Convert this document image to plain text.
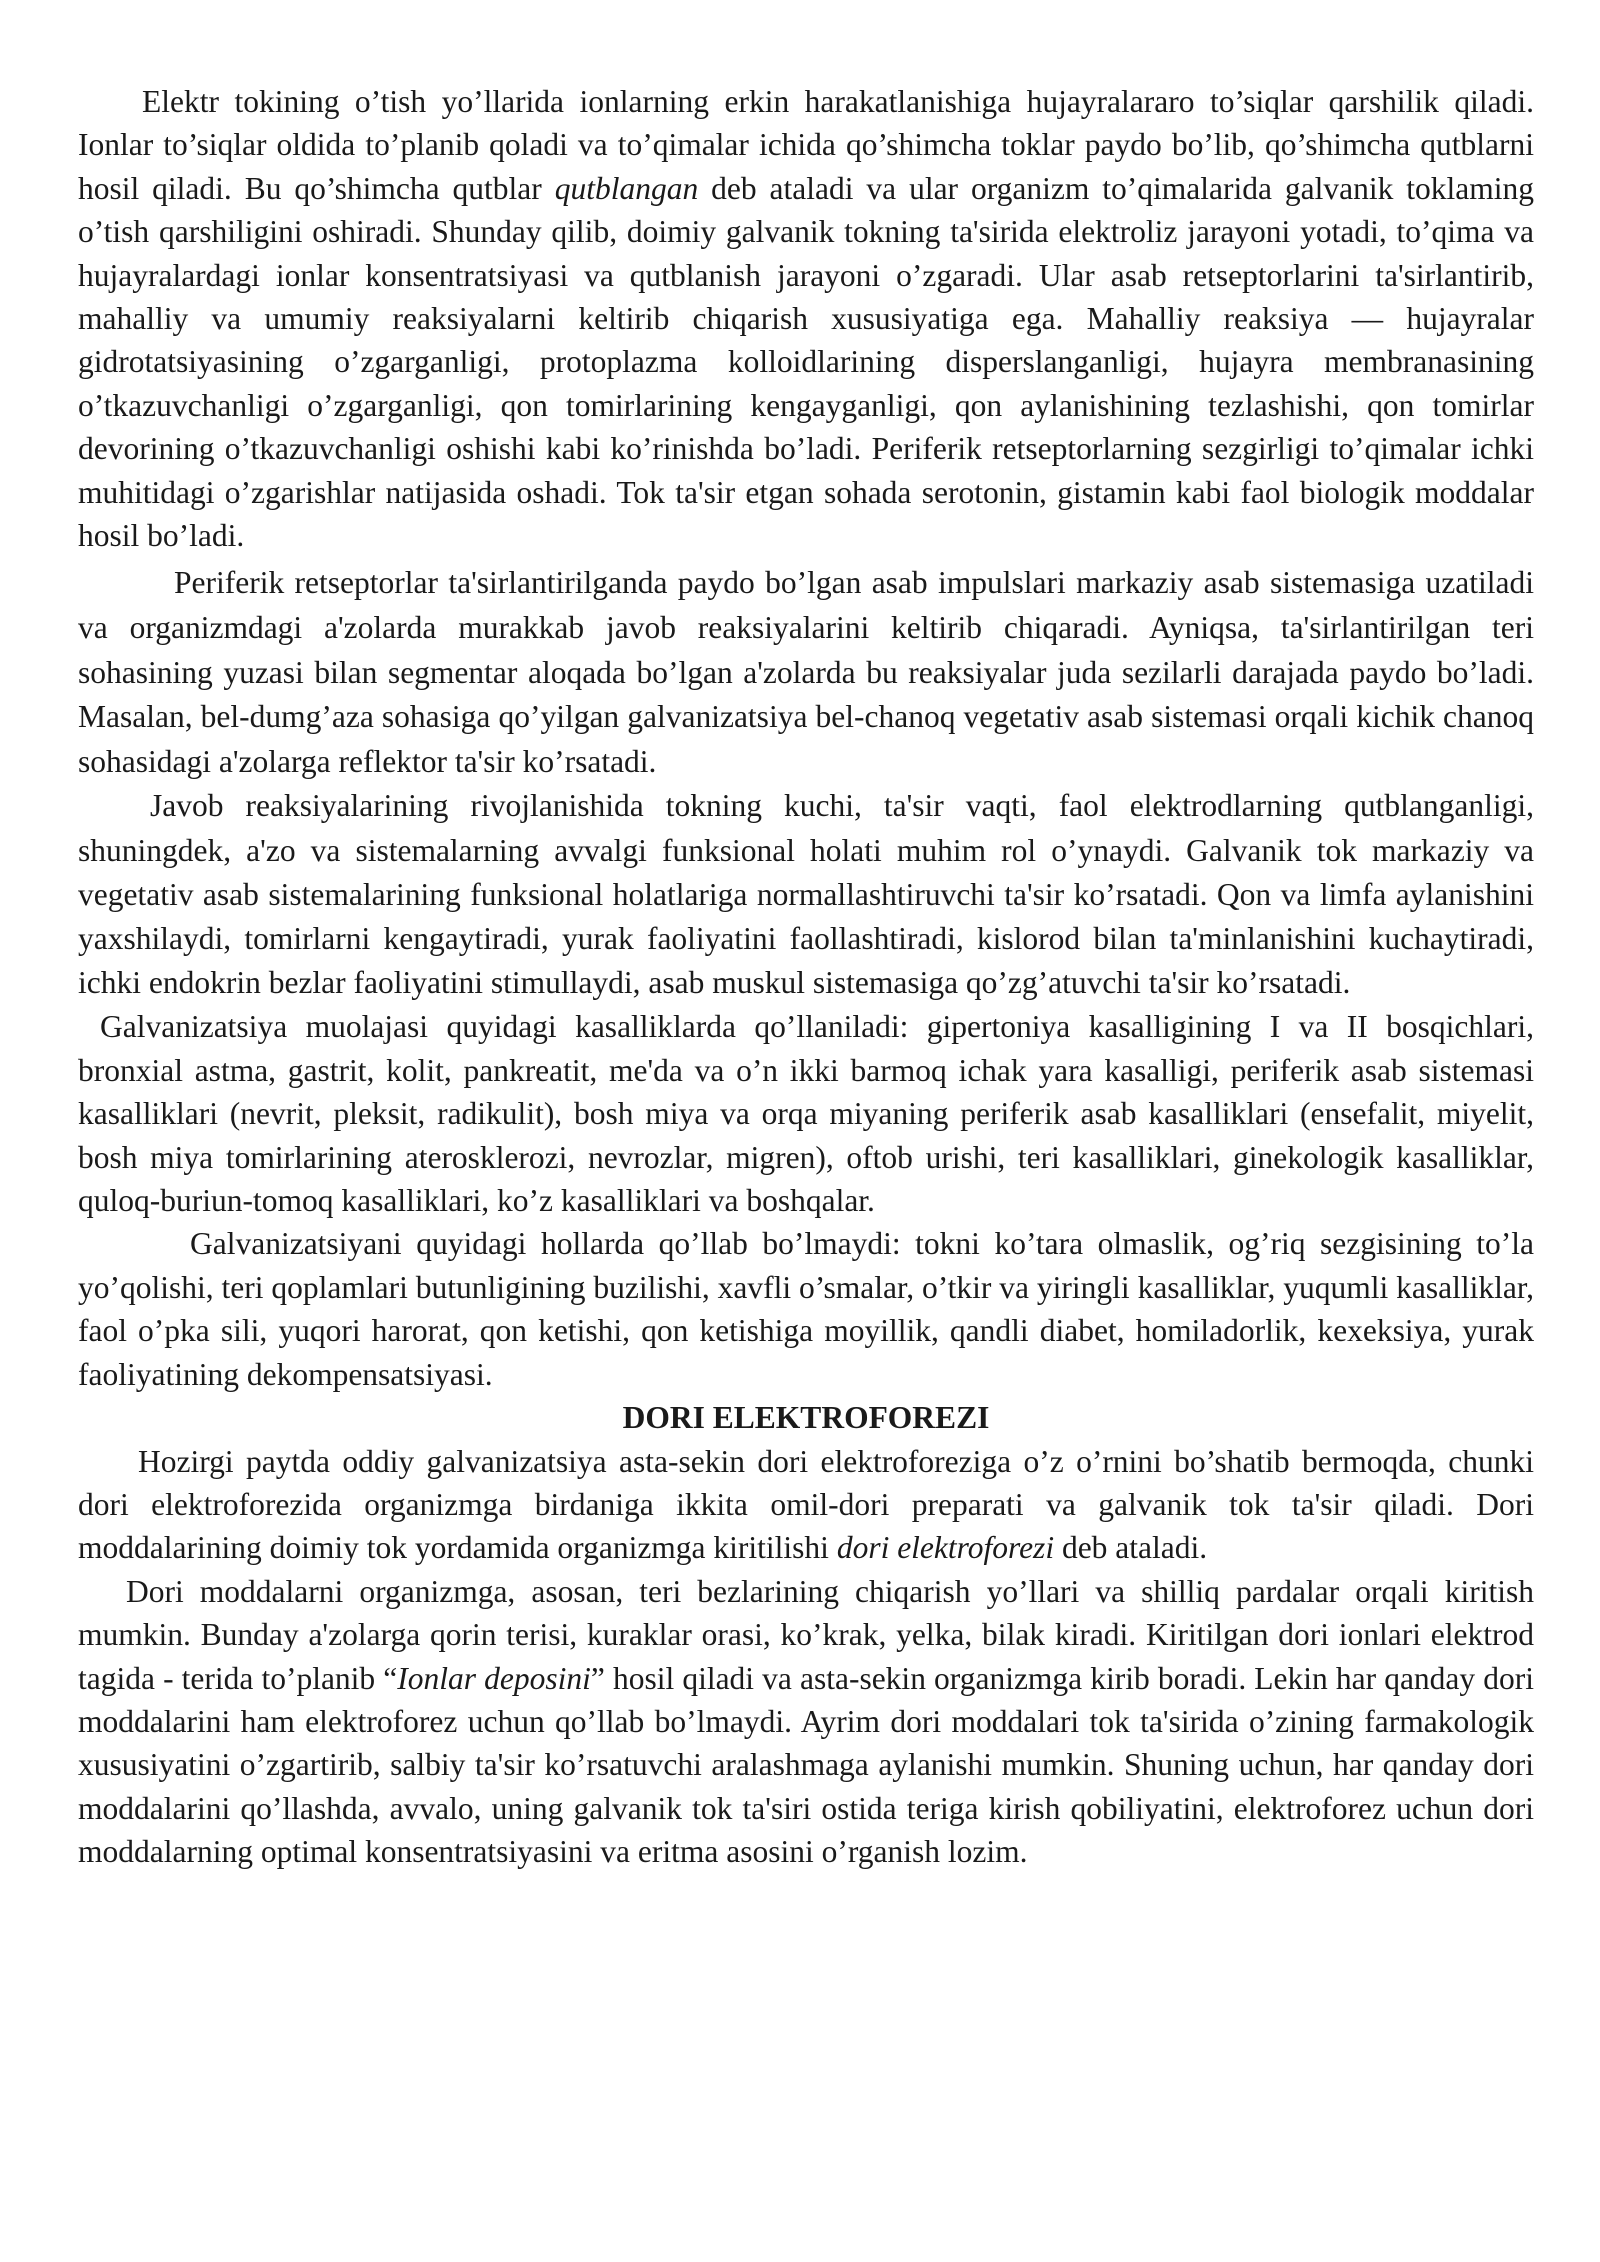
Elektr tokining o’tish yo’llarida ionlarning erkin harakatlanishiga hujayralararo to’siqlar qarshilik qiladi. Ionlar to’siqlar oldida to’planib qoladi va to’qimalar ichida qo’shimcha toklar paydo bo’lib, qo’shimcha qutblarni hosil qiladi. Bu qo’shimcha qutblar qutblangan deb ataladi va ular organizm to’qimalarida galvanik toklaming o’tish qarshiligini oshiradi. Shunday qilib, doimiy galvanik tokning ta'sirida elektroliz jarayoni yotadi, to’qima va hujayralardagi ionlar konsentratsiyasi va qutblanish jarayoni o’zgaradi. Ular asab retseptorlarini ta'sirlantirib, mahalliy va umumiy reaksiyalarni keltirib chiqarish xususiyatiga ega. Mahalliy reaksiya — hujayralar gidrotatsiyasining o’zgarganligi, protoplazma kolloidlarining disperslanganligi, hujayra membranasining o’tkazuvchanligi o’zgarganligi, qon tomirlarining kengayganligi, qon aylanishining tezlashishi, qon tomirlar devorining o’tkazuvchanligi oshishi kabi ko’rinishda bo’ladi. Periferik retseptorlarning sezgirligi to’qimalar ichki muhitidagi o’zgarishlar natijasida oshadi. Tok ta'sir etgan sohada serotonin, gistamin kabi faol biologik moddalar hosil bo’ladi.

Periferik retseptorlar ta'sirlantirilganda paydo bo’lgan asab impulslari markaziy asab sistemasiga uzatiladi va organizmdagi a'zolarda murakkab javob reaksiyalarini keltirib chiqaradi. Ayniqsa, ta'sirlantirilgan teri sohasining yuzasi bilan segmentar aloqada bo’lgan a'zolarda bu reaksiyalar juda sezilarli darajada paydo bo’ladi. Masalan, bel-dumg’aza sohasiga qo’yilgan galvanizatsiya bel-chanoq vegetativ asab sistemasi orqali kichik chanoq sohasidagi a'zolarga reflektor ta'sir ko’rsatadi.

Javob reaksiyalarining rivojlanishida tokning kuchi, ta'sir vaqti, faol elektrodlarning qutblanganligi, shuningdek, a'zo va sistemalarning avvalgi funksional holati muhim rol o’ynaydi. Galvanik tok markaziy va vegetativ asab sistemalarining funksional holatlariga normallashtiruvchi ta'sir ko’rsatadi. Qon va limfa aylanishini yaxshilaydi, tomirlarni kengaytiradi, yurak faoliyatini faollashtiradi, kislorod bilan ta'minlanishini kuchaytiradi, ichki endokrin bezlar faoliyatini stimullaydi, asab muskul sistemasiga qo’zg’atuvchi ta'sir ko’rsatadi.

Galvanizatsiya muolajasi quyidagi kasalliklarda qo’llaniladi: gipertoniya kasalligining I va II bosqichlari, bronxial astma, gastrit, kolit, pankreatit, me'da va o’n ikki barmoq ichak yara kasalligi, periferik asab sistemasi kasalliklari (nevrit, pleksit, radikulit), bosh miya va orqa miyaning periferik asab kasalliklari (ensefalit, miyelit, bosh miya tomirlarining aterosklerozi, nevrozlar, migren), oftob urishi, teri kasalliklari, ginekologik kasalliklar, quloq-buriun-tomoq kasalliklari, ko’z kasalliklari va boshqalar.

Galvanizatsiyani quyidagi hollarda qo’llab bo’lmaydi: tokni ko’tara olmaslik, og’riq sezgisining to’la yo’qolishi, teri qoplamlari butunligining buzilishi, xavfli o’smalar, o’tkir va yiringli kasalliklar, yuqumli kasalliklar, faol o’pka sili, yuqori harorat, qon ketishi, qon ketishiga moyillik, qandli diabet, homiladorlik, kexeksiya, yurak faoliyatining dekompensatsiyasi.

DORI ELEKTROFOREZI

Hozirgi paytda oddiy galvanizatsiya asta-sekin dori elektroforeziga o’z o’rnini bo’shatib bermoqda, chunki dori elektroforezida organizmga birdaniga ikkita omil-dori preparati va galvanik tok ta'sir qiladi. Dori moddalarining doimiy tok yordamida organizmga kiritilishi dori elektroforezi deb ataladi.

Dori moddalarni organizmga, asosan, teri bezlarining chiqarish yo’llari va shilliq pardalar orqali kiritish mumkin. Bunday a'zolarga qorin terisi, kuraklar orasi, ko’krak, yelka, bilak kiradi. Kiritilgan dori ionlari elektrod tagida - terida to’planib “Ionlar deposini” hosil qiladi va asta-sekin organizmga kirib boradi. Lekin har qanday dori moddalarini ham elektroforez uchun qo’llab bo’lmaydi. Ayrim dori moddalari tok ta'sirida o’zining farmakologik xususiyatini o’zgartirib, salbiy ta'sir ko’rsatuvchi aralashmaga aylanishi mumkin. Shuning uchun, har qanday dori moddalarini qo’llashda, avvalo, uning galvanik tok ta'siri ostida teriga kirish qobiliyatini, elektroforez uchun dori moddalarning optimal konsentratsiyasini va eritma asosini o’rganish lozim.
